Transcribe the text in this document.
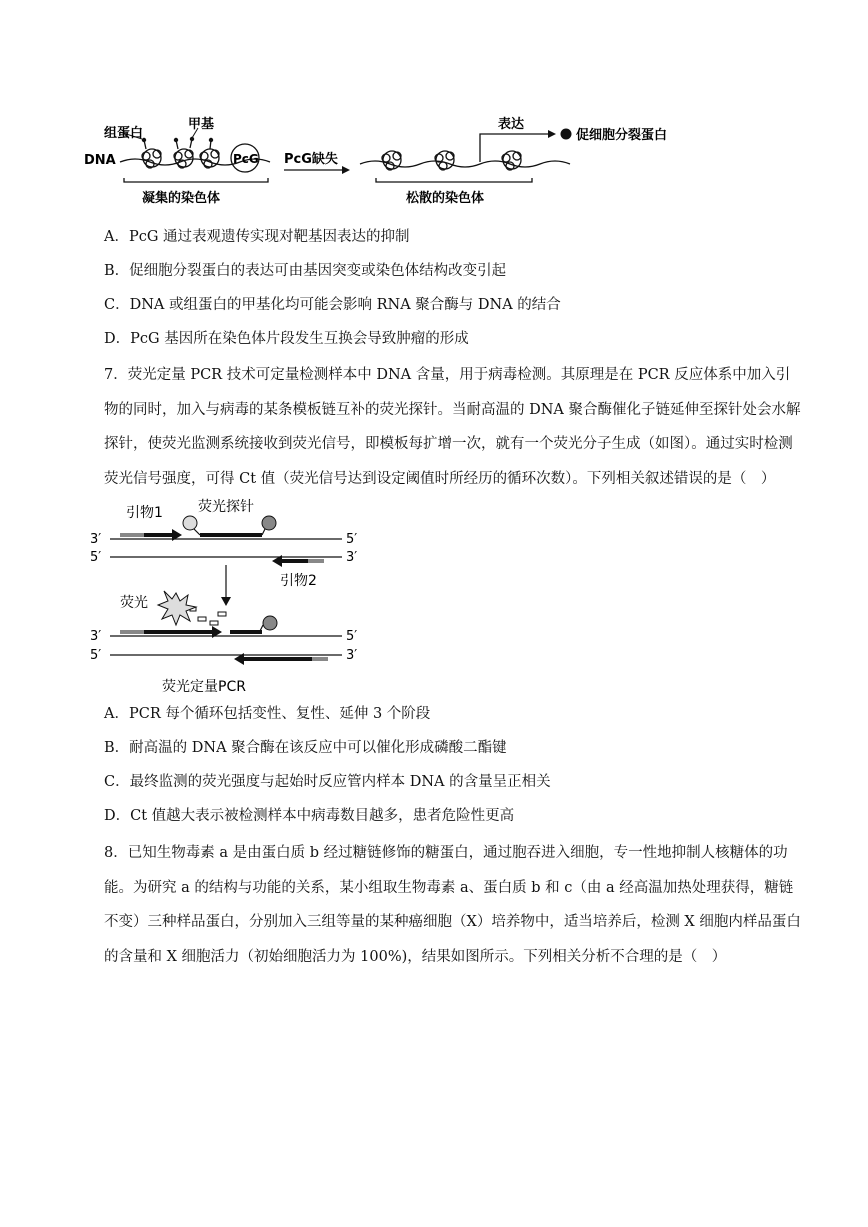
DNA
组蛋白
甲基
PcG PcG缺失
表达
促细胞分裂蛋白
凝集的染色体	松散的染色体
A．PcG 通过表观遗传实现对靶基因表达的抑制
B．促细胞分裂蛋白的表达可由基因突变或染色体结构改变引起
C．DNA 或组蛋白的甲基化均可能会影响 RNA 聚合酶与 DNA 的结合
D．PcG 基因所在染色体片段发生互换会导致肿瘤的形成
7．荧光定量 PCR 技术可定量检测样本中 DNA 含量，用于病毒检测。其原理是在 PCR 反应体系中加入引物的同时，加入与病毒的某条模板链互补的荧光探针。当耐高温的 DNA 聚合酶催化子链延伸至探针处会水解探针，使荧光监测系统接收到荧光信号，即模板每扩增一次，就有一个荧光分子生成（如图）。通过实时检测荧光信号强度，可得 Ct 值（荧光信号达到设定阈值时所经历的循环次数）。下列相关叙述错误的是（　）
引物1	荧光探针
引物2
荧光
荧光定量PCR
3′	5′
5′	3′
3′	5′
5′	3′
A．PCR 每个循环包括变性、复性、延伸 3 个阶段
B．耐高温的 DNA 聚合酶在该反应中可以催化形成磷酸二酯键
C．最终监测的荧光强度与起始时反应管内样本 DNA 的含量呈正相关
D．Ct 值越大表示被检测样本中病毒数目越多，患者危险性更高
8．已知生物毒素 a 是由蛋白质 b 经过糖链修饰的糖蛋白，通过胞吞进入细胞，专一性地抑制人核糖体的功能。为研究 a 的结构与功能的关系，某小组取生物毒素 a、蛋白质 b 和 c（由 a 经高温加热处理获得，糖链不变）三种样品蛋白，分别加入三组等量的某种癌细胞（X）培养物中，适当培养后，检测 X 细胞内样品蛋白的含量和 X 细胞活力（初始细胞活力为 100%)，结果如图所示。下列相关分析不合理的是（　）
